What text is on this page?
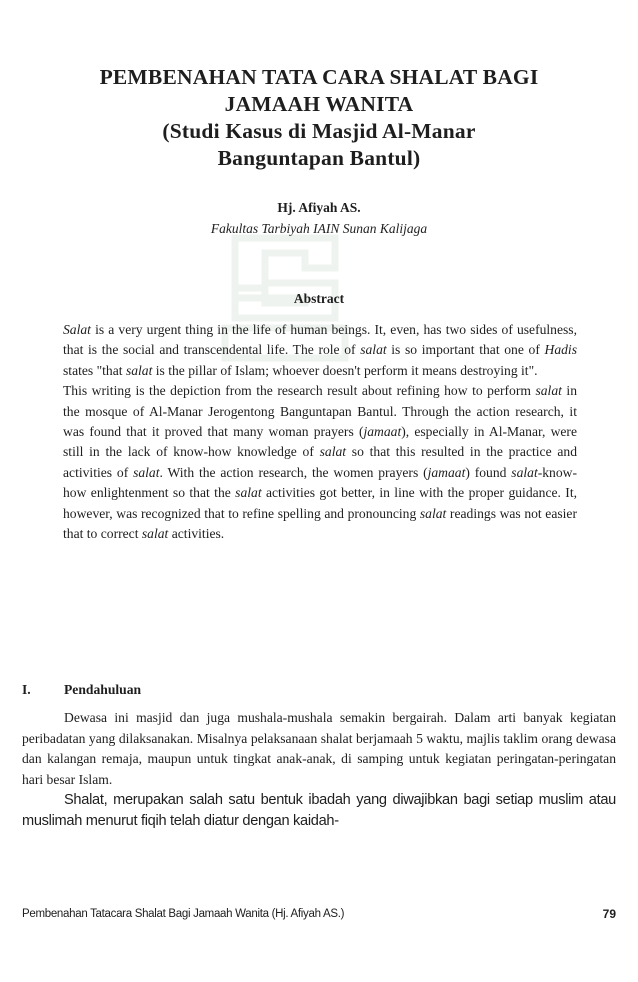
PEMBENAHAN TATA CARA SHALAT BAGI
JAMAAH WANITA
(Studi Kasus di Masjid Al-Manar
Banguntapan Bantul)
Hj. Afiyah AS.
Fakultas Tarbiyah IAIN Sunan Kalijaga
Abstract

Salat is a very urgent thing in the life of human beings. It, even, has two sides of usefulness, that is the social and transcendental life. The role of salat is so important that one of Hadis states "that salat is the pillar of Islam; whoever doesn't perform it means destroying it".

This writing is the depiction from the research result about refining how to perform salat in the mosque of Al-Manar Jerogentong Banguntapan Bantul. Through the action research, it was found that it proved that many woman prayers (jamaat), especially in Al-Manar, were still in the lack of know-how knowledge of salat so that this resulted in the practice and activities of salat. With the action research, the women prayers (jamaat) found salat-know-how enlightenment so that the salat activities got better, in line with the proper guidance. It, however, was recognized that to refine spelling and pronouncing salat readings was not easier that to correct salat activities.

I. Pendahuluan

Dewasa ini masjid dan juga mushala-mushala semakin bergairah. Dalam arti banyak kegiatan peribadatan yang dilaksanakan. Misalnya pelaksanaan shalat berjamaah 5 waktu, majlis taklim orang dewasa dan kalangan remaja, maupun untuk tingkat anak-anak, di samping untuk kegiatan peringatan-peringatan hari besar Islam.

Shalat, merupakan salah satu bentuk ibadah yang diwajibkan bagi setiap muslim atau muslimah menurut fiqih telah diatur dengan kaidah-

Pembenahan Tatacara Shalat Bagi Jamaah Wanita (Hj. Afiyah AS.)	79
